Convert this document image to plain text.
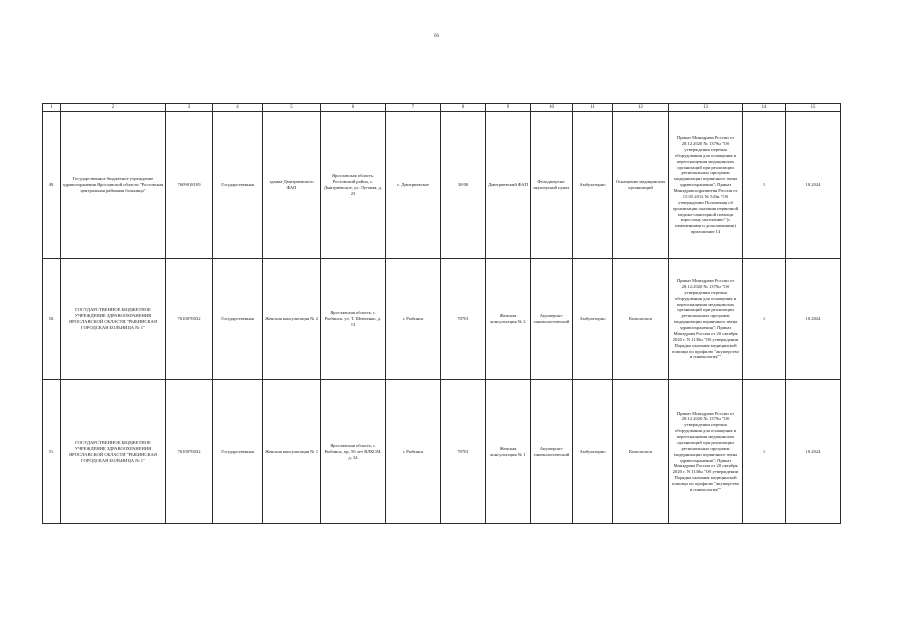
66
1	2	3	4	5	6	7	8	9	10	11	12	13	14	15
49.	Государственное бюджетное учреждение здравоохранения Ярославской области "Ростовская центральная районная больница"	7609018109	Государственная	здание Дмитриевского ФАП	Ярославская область, Ростовский район, с. Дмитриевское, ул. Луговая, д. 23	с. Дмитриевское	30/00	Дмитриевский ФАП	Фельдшерско-акушерский пункт	Амбулаторно	Оснащение медицинских организаций	Приказ Минздрава России от 28.12.2020 № 1379н "Об утверждении перечня оборудования для оснащения и переоснащения медицинских организаций при реализации региональных программ модернизации первичного звена здравоохранения"; Приказ Минздравсоцразвития России от 15.05.2012 № 543н "Об утверждении Положения об организации оказания первичной медико-санитарной помощи взрослому населению" (с изменениями и дополнениями) приложение 14	1	10.2024
50.	ГОСУДАРСТВЕННОЕ БЮДЖЕТНОЕ УЧРЕЖДЕНИЕ ЗДРАВООХРАНЕНИЯ ЯРОСЛАВСКОЙ ОБЛАСТИ "РЫБИНСКАЯ ГОРОДСКАЯ БОЛЬНИЦА № 1"	7610070032	Государственная	Женская консультация № 2	Ярославская область, г. Рыбинск, ул. Т. Шевченко, д. 13	г. Рыбинск	78701	Женская консультация № 2	Акушерско-гинекологический	Амбулаторно	Кольпоскоп	Приказ Минздрава России от 28.12.2020 № 1379н "Об утверждении перечня оборудования для оснащения и переоснащения медицинских организаций при реализации региональных программ модернизации первичного звена здравоохранения"; Приказ Минздрава России от 20 октября 2020 г. N 1130н "Об утверждении Порядка оказания медицинской помощи по профилю "акушерство и гинекология""	1	10.2024
51.	ГОСУДАРСТВЕННОЕ БЮДЖЕТНОЕ УЧРЕЖДЕНИЕ ЗДРАВООХРАНЕНИЯ ЯРОСЛАВСКОЙ ОБЛАСТИ "РЫБИНСКАЯ ГОРОДСКАЯ БОЛЬНИЦА № 1"	7610070032	Государственная	Женская консультация № 1	Ярославская область, г. Рыбинск, пр. 50 лет ВЛКСМ, д. 34	г. Рыбинск	78701	Женская консультация № 1	Акушерско-гинекологический	Амбулаторно	Кольпоскоп	Приказ Минздрава России от 28.12.2020 № 1379н "Об утверждении перечня оборудования для оснащения и переоснащения медицинских организаций при реализации региональных программ модернизации первичного звена здравоохранения"; Приказ Минздрава России от 20 октября 2020 г. N 1130н "Об утверждении Порядка оказания медицинской помощи по профилю "акушерство и гинекология""	1	10.2024
